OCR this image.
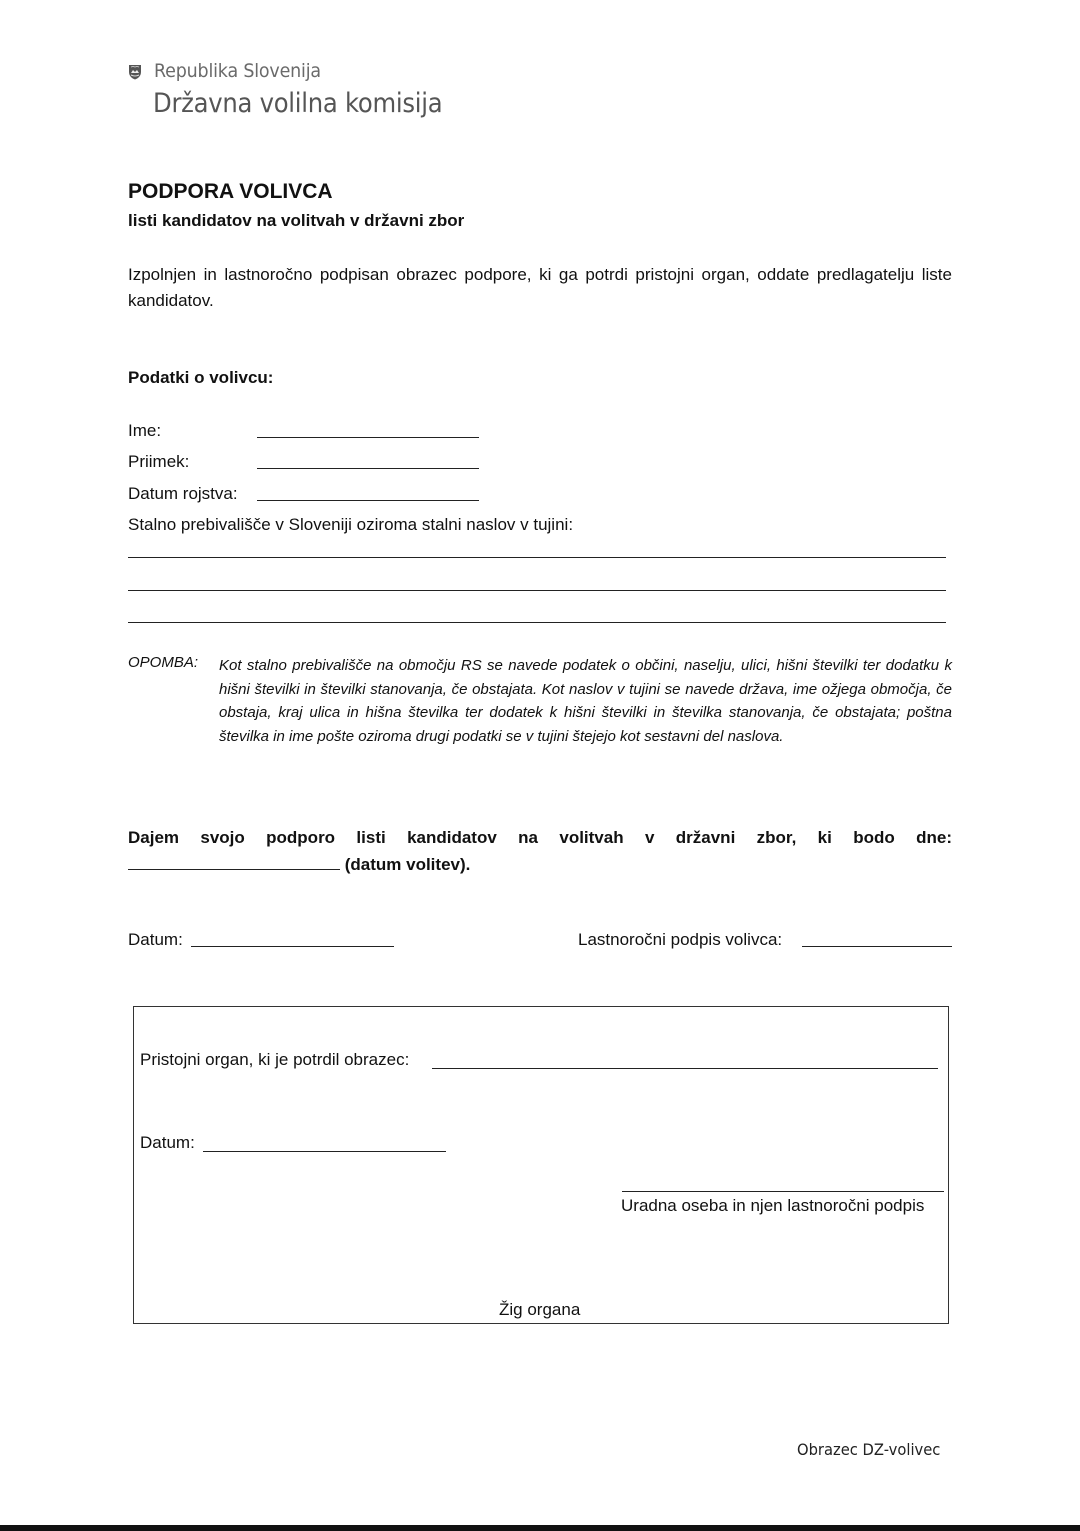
Republika Slovenija
Državna volilna komisija
PODPORA VOLIVCA
listi kandidatov na volitvah v državni zbor
Izpolnjen in lastnoročno podpisan obrazec podpore, ki ga potrdi pristojni organ, oddate predlagatelju liste kandidatov.
Podatki o volivcu:
Ime:
Priimek:
Datum rojstva:
Stalno prebivališče v Sloveniji oziroma stalni naslov v tujini:
OPOMBA: Kot stalno prebivališče na območju RS se navede podatek o občini, naselju, ulici, hišni številki ter dodatku k hišni številki in številki stanovanja, če obstajata. Kot naslov v tujini se navede država, ime ožjega območja, če obstaja, kraj ulica in hišna številka ter dodatek k hišni številki in številka stanovanja, če obstajata; poštna številka in ime pošte oziroma drugi podatki se v tujini štejejo kot sestavni del naslova.
Dajem svojo podporo listi kandidatov na volitvah v državni zbor, ki bodo dne:
(datum volitev).
Datum:	Lastnoročni podpis volivca:
Pristojni organ, ki je potrdil obrazec:
Datum:
Uradna oseba in njen lastnoročni podpis
Žig organa
Obrazec DZ-volivec
